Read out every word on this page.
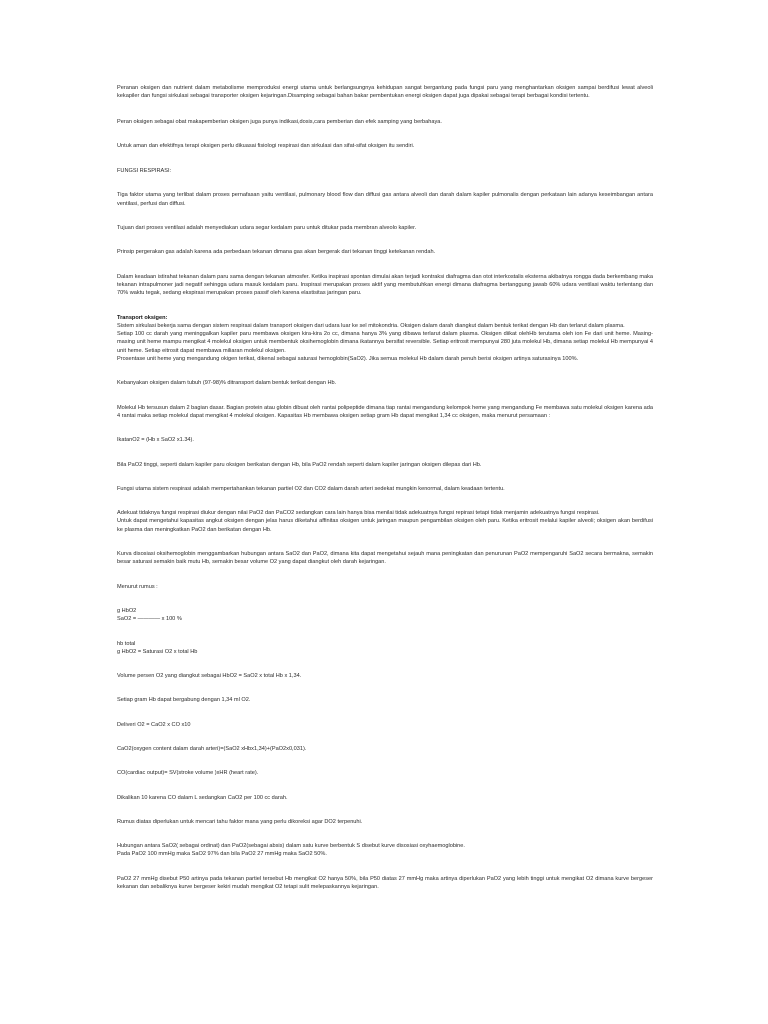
Peranan oksigen dan nutrient dalam metabolisme memproduksi energi utama untuk berlangsungnya kehidupan sangat bergantung pada fungsi paru yang menghantarkan oksigen sampai berdifusi lewat alveoli kekapiler dan fungsi sirkulasi sebagai transporter oksigen kejaringan.Disamping sebagai bahan bakar pembentukan energi oksigen dapat juga dipakai sebagai terapi berbagai kondisi tertentu.

Peran oksigen sebagai obat makapemberian oksigen juga punya indikasi,dosis,cara pemberian dan efek samping yang berbahaya.

Untuk aman dan efektifnya terapi oksigen perlu dikuasai fisiologi respirasi dan sirkulasi dan sifat-sifat oksigen itu sendiri.

FUNGSI RESPIRASI:

Tiga faktor utama yang terlibat dalam proses pernafasan yaitu ventilasi, pulmonary blood flow dan diffusi gas antara alveoli dan darah dalam kapiler pulmonalis dengan perkataan lain adanya keseimbangan antara ventilasi, perfusi dan diffusi.

Tujuan dari proses ventilasi adalah menyediakan udara segar kedalam paru untuk ditukar pada membran alveolo kapiler.

Prinsip pergerakan gas adalah karena ada perbedaan tekanan dimana gas akan bergerak dari tekanan tinggi ketekanan rendah.

Dalam keadaan istirahat tekanan dalam paru sama dengan tekanan atmosfer. Ketika inspirasi spontan dimulai akan terjadi kontraksi diafragma dan otot interkostalis eksterna akibatnya rongga dada berkembang maka tekanan intrapulmoner jadi negatif sehingga udara masuk kedalam paru. Inspirasi merupakan proses aktif yang membutuhkan energi dimana diafragma bertanggung jawab 60% udara ventilasi waktu terlentang dan 70% waktu tegak, sedang ekspirasi merupakan proses passif oleh karena elastisitas jaringan paru.

Transport oksigen:

Sistem sirkulasi bekerja sama dengan sistem respirasi dalam transport oksigen dari udara luar ke sel mitokondria. Oksigen dalam darah diangkut dalam bentuk terikat dengan Hb dan terlarut dalam plasma.
Setiap 100 cc darah yang meninggalkan kapiler paru membawa oksigen kira-kira 2o cc, dimana hanya 3% yang dibawa terlarut dalam plasma. Oksigen diikat olehHb terutama oleh ion Fe dari unit heme. Masing-masing unit heme mampu mengikat 4 molekul oksigen untuk membentuk oksihemoglobin dimana ikatannya bersifat reversible. Setiap eritrosit mempunyai 280 juta molekul Hb, dimana setiap molekul Hb mempunyai 4 unit heme. Setiap eitrosit dapat membawa miliaran molekul oksigen.
Prosentase unit heme yang mengandung okigen terikat, dikenal sebagai saturasi hemoglobin(SaO2). Jika semua molekul Hb dalam darah penuh berisi oksigen artinya saturasinya 100%.

Kebanyakan oksigen dalam tubuh (97-98)% ditransport dalam bentuk terikat dengan Hb.

Molekul Hb tersusun dalam 2 bagian dasar. Bagian protein atau globin dibuat oleh rantai polipeptide dimana tiap rantai mengandung kelompok heme yang mengandung Fe membawa satu molekul oksigen karena ada 4 rantai maka setiap molekul dapat mengikat 4 molekul oksigen. Kapasitas Hb membawa oksigen setiap gram Hb dapat mengikat 1,34 cc oksigen, maka menurut persamaan :

IkatanO2 = (Hb x SaO2 x1.34).

Bila PaO2 tinggi, seperti dalam kapiler paru oksigen berikatan dengan Hb, bila PaO2 rendah seperti dalam kapiler jaringan oksigen dilepas dari Hb.

Fungsi utama sistem respirasi adalah mempertahankan tekanan partiel O2 dan CO2 dalam darah arteri sedekat mungkin kenormal, dalam keadaan tertentu.

Adekuat tidaknya fungsi respirasi diukur dengan nilai PaO2 dan PaCO2 sedangkan cara lain hanya bisa menilai tidak adekuatnya fungsi repirasi tetapi tidak menjamin adekuatnya fungsi respirasi.
Untuk dapat mengetahui kapasitas angkut oksigen dengan jelas harus diketahui affinitas oksigen untuk jaringan maupun pengambilan oksigen oleh paru. Ketika eritrosit melalui kapiler alveoli; oksigen akan berdifusi ke plasma dan meningkatkan PaO2 dan berikatan dengan Hb.

Kurva disosiasi oksihemoglobin menggambarkan hubungan antara SaO2 dan PaO2, dimana kita dapat mengetahui sejauh mana peningkatan dan penurunan PaO2 mempengaruhi SaO2 secara bermakna, semakin besar saturasi semakin baik mutu Hb, semakin besar volume O2 yang dapat diangkut oleh darah kejaringan.

Menurut rumus :

g HbO2
SaO2 = ———— x 100 %

hb total
g HbO2 = Saturasi O2 x total Hb

Volume persen O2 yang diangkut sebagai HbO2 = SaO2 x total Hb x 1,34.

Setiap gram Hb dapat bergabung dengan 1,34 ml O2.

Deliveri O2 = CaO2 x CO x10

CaO2(oxygen content dalam darah arteri)=(SaO2 xHbx1,34)+(PaO2x0,031).

CO(cardiac output)= SV(stroke volume )xHR (heart rate).

Dikalikan 10 karena CO dalam L sedangkan CaO2 per 100 cc darah.

Rumus diatas diperlukan untuk mencari tahu faktor mana yang perlu dikoreksi agar DO2 terpenuhi.

Hubungan antara SaO2( sebagai ordinat) dan PaO2(sebagai absis) dalam satu kurve berbentuk S disebut kurve disosiasi oxyhaemoglobine.
Pada PaO2 100 mmHg maka SaO2 97% dan bila PaO2 27 mmHg maka SaO2 50%.

PaO2 27 mmHg disebut P50 artinya pada tekanan partiel tersebut Hb mengikat O2 hanya 50%, bila P50 diatas 27 mmHg maka artinya diperlukan PaO2 yang lebih tinggi untuk mengikat O2 dimana kurve bergeser kekanan dan sebaliknya kurve bergeser kekiri mudah mengikat O2 tetapi sulit melepaskannya kejaringan.
